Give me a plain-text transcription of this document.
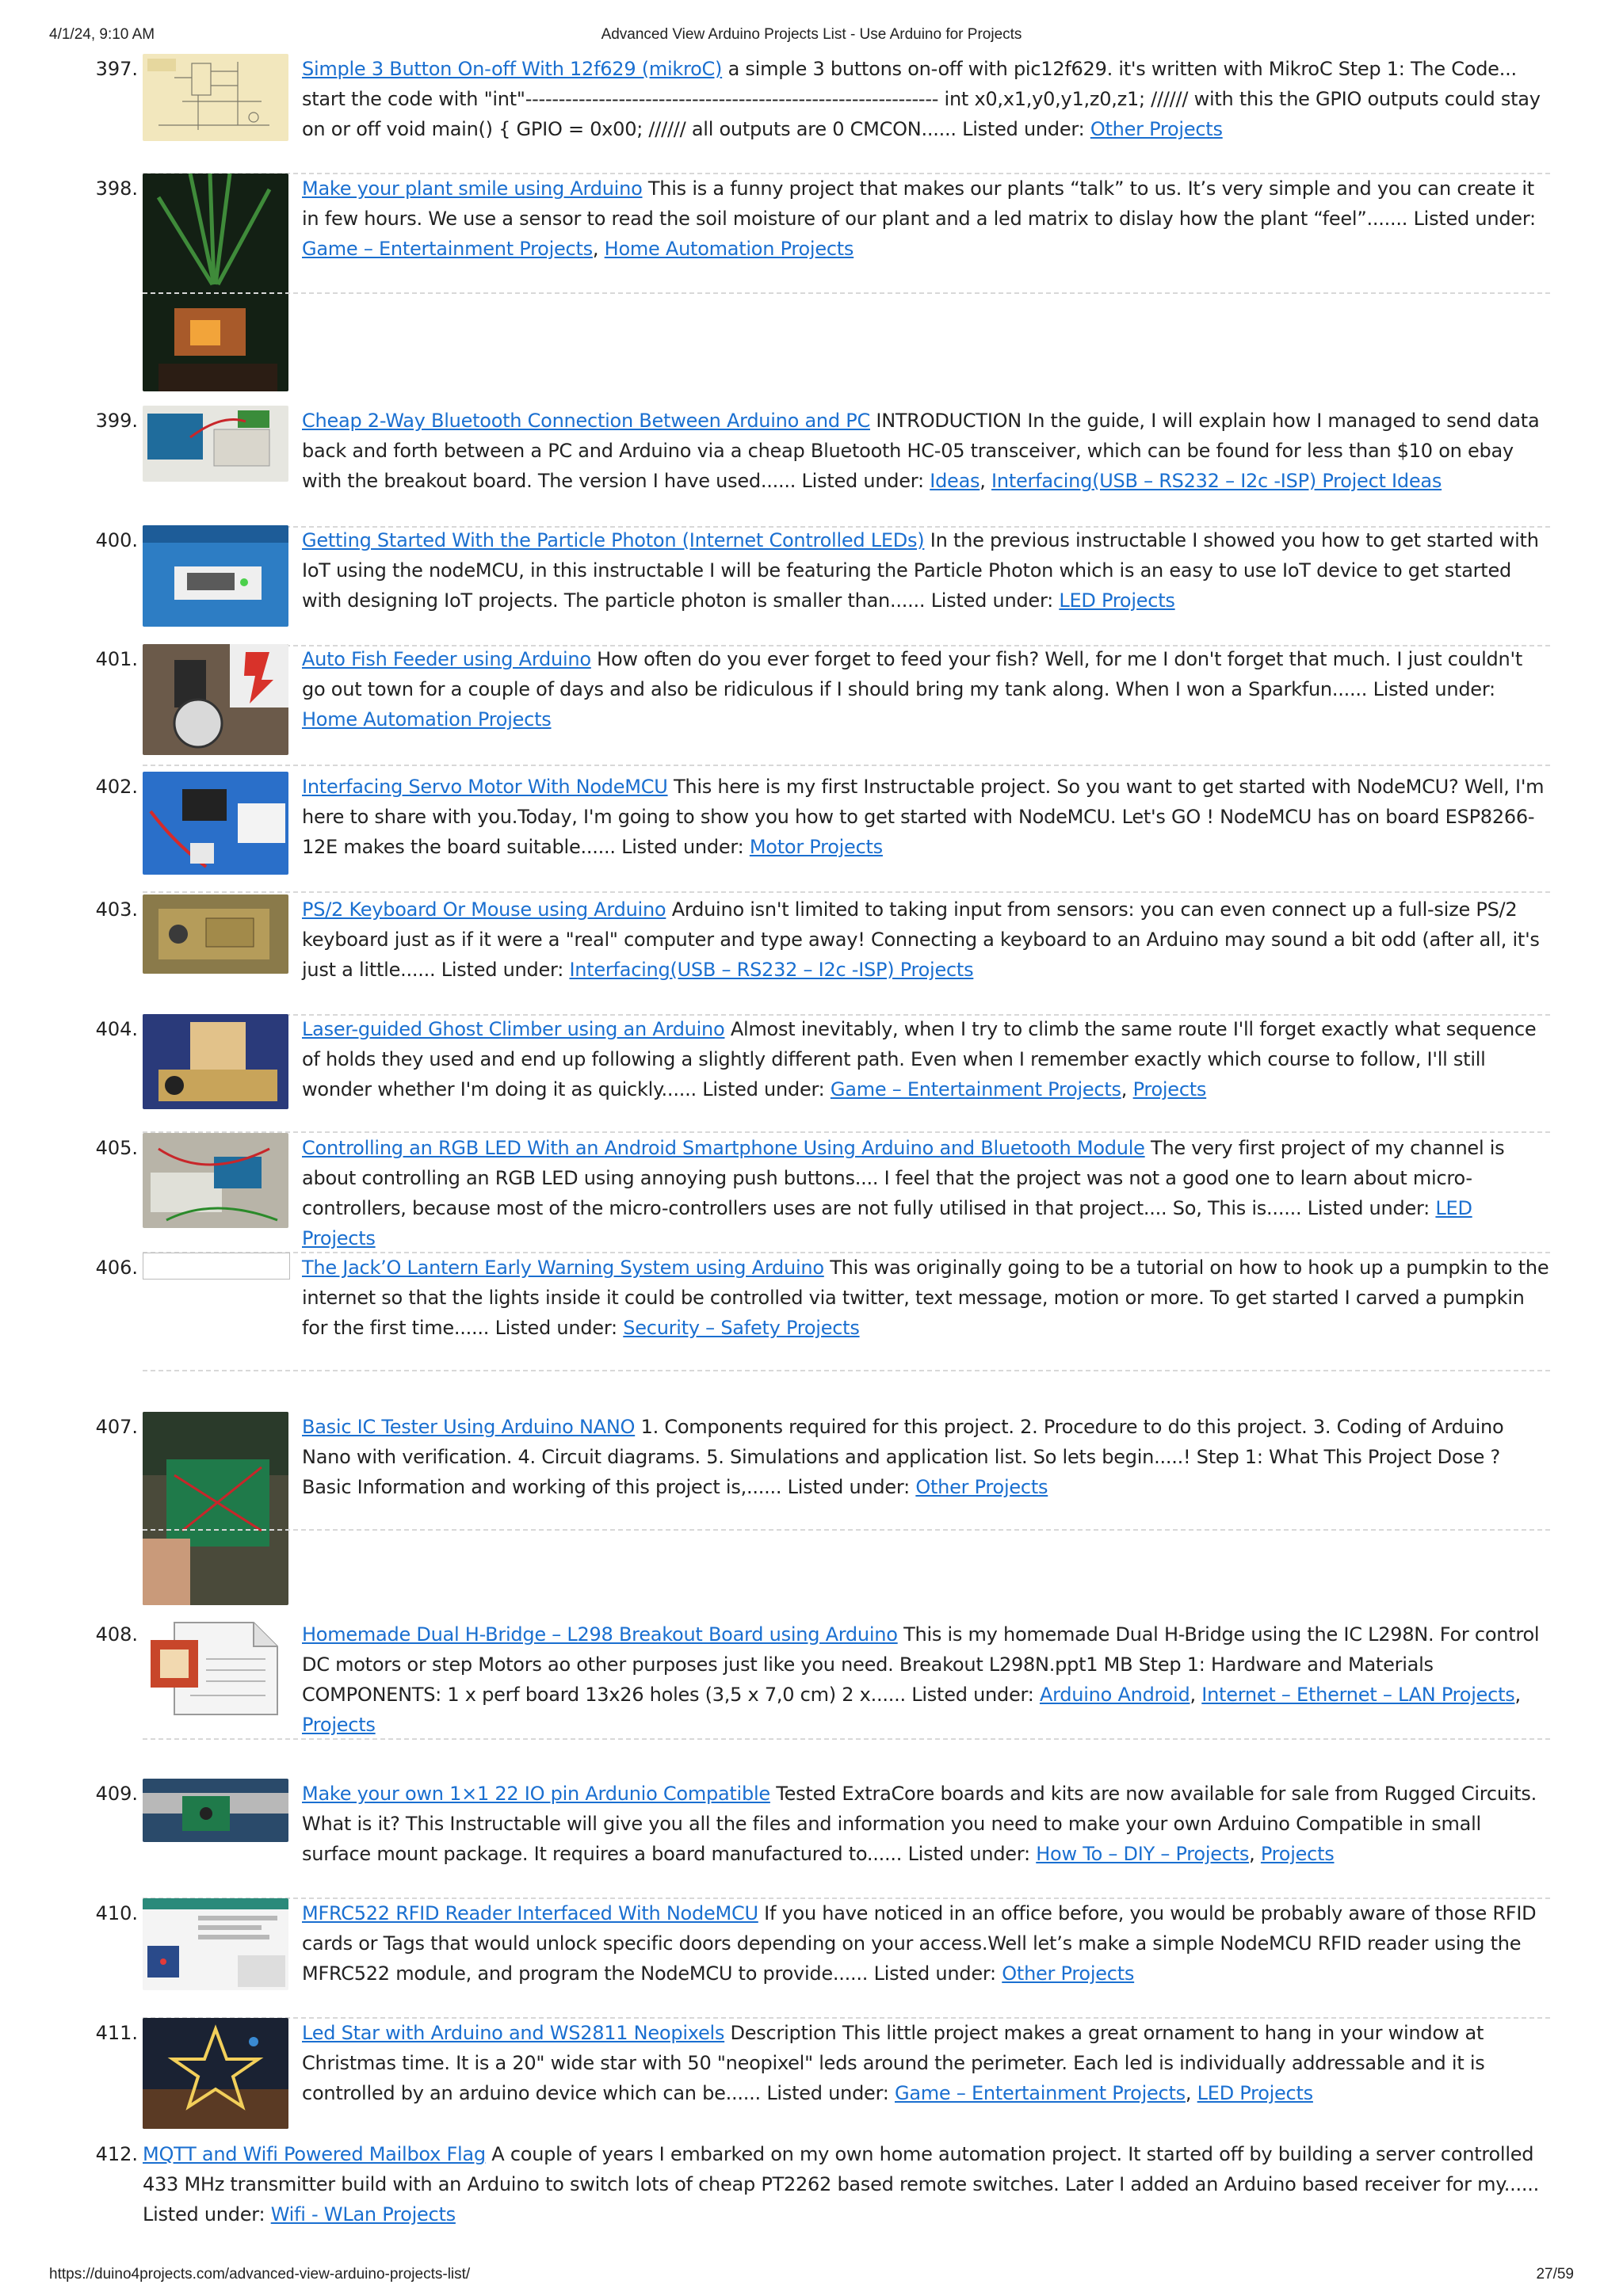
4/1/24, 9:10 AM	Advanced View Arduino Projects List - Use Arduino for Projects
397.	Simple 3 Button On-off With 12f629 (mikroC) a simple 3 buttons on-off with pic12f629. it's written with MikroC Step 1: The Code... start the code with "int"-------------------------------------------------------------- int x0,x1,y0,y1,z0,z1; ////// with this the GPIO outputs could stay on or off void main() { GPIO = 0x00; ////// all outputs are 0 CMCON...... Listed under: Other Projects
398.	Make your plant smile using Arduino This is a funny project that makes our plants “talk” to us. It’s very simple and you can create it in few hours. We use a sensor to read the soil moisture of our plant and a led matrix to dislay how the plant “feel”....... Listed under: Game – Entertainment Projects, Home Automation Projects
399.	Cheap 2-Way Bluetooth Connection Between Arduino and PC INTRODUCTION In the guide, I will explain how I managed to send data back and forth between a PC and Arduino via a cheap Bluetooth HC-05 transceiver, which can be found for less than $10 on ebay with the breakout board. The version I have used...... Listed under: Ideas, Interfacing(USB – RS232 – I2c -ISP) Project Ideas
400.	Getting Started With the Particle Photon (Internet Controlled LEDs) In the previous instructable I showed you how to get started with IoT using the nodeMCU, in this instructable I will be featuring the Particle Photon which is an easy to use IoT device to get started with designing IoT projects. The particle photon is smaller than...... Listed under: LED Projects
401.	Auto Fish Feeder using Arduino How often do you ever forget to feed your fish? Well, for me I don't forget that much. I just couldn't go out town for a couple of days and also be ridiculous if I should bring my tank along. When I won a Sparkfun...... Listed under: Home Automation Projects
402.	Interfacing Servo Motor With NodeMCU This here is my first Instructable project. So you want to get started with NodeMCU? Well, I'm here to share with you.Today, I'm going to show you how to get started with NodeMCU. Let's GO ! NodeMCU has on board ESP8266-12E makes the board suitable...... Listed under: Motor Projects
403.	PS/2 Keyboard Or Mouse using Arduino Arduino isn't limited to taking input from sensors: you can even connect up a full-size PS/2 keyboard just as if it were a "real" computer and type away! Connecting a keyboard to an Arduino may sound a bit odd (after all, it's just a little...... Listed under: Interfacing(USB – RS232 – I2c -ISP) Projects
404.	Laser-guided Ghost Climber using an Arduino Almost inevitably, when I try to climb the same route I'll forget exactly what sequence of holds they used and end up following a slightly different path. Even when I remember exactly which course to follow, I'll still wonder whether I'm doing it as quickly...... Listed under: Game – Entertainment Projects, Projects
405.	Controlling an RGB LED With an Android Smartphone Using Arduino and Bluetooth Module The very first project of my channel is about controlling an RGB LED using annoying push buttons.... I feel that the project was not a good one to learn about micro-controllers, because most of the micro-controllers uses are not fully utilised in that project.... So, This is...... Listed under: LED Projects
406.	The Jack’O Lantern Early Warning System using Arduino This was originally going to be a tutorial on how to hook up a pumpkin to the internet so that the lights inside it could be controlled via twitter, text message, motion or more. To get started I carved a pumpkin for the first time...... Listed under: Security – Safety Projects
407.	Basic IC Tester Using Arduino NANO 1. Components required for this project. 2. Procedure to do this project. 3. Coding of Arduino Nano with verification. 4. Circuit diagrams. 5. Simulations and application list. So lets begin.....! Step 1: What This Project Dose ? Basic Information and working of this project is,...... Listed under: Other Projects
408.	Homemade Dual H-Bridge – L298 Breakout Board using Arduino This is my homemade Dual H-Bridge using the IC L298N. For control DC motors or step Motors ao other purposes just like you need. Breakout L298N.ppt1 MB Step 1: Hardware and Materials COMPONENTS: 1 x perf board 13x26 holes (3,5 x 7,0 cm) 2 x...... Listed under: Arduino Android, Internet – Ethernet – LAN Projects, Projects
409.	Make your own 1×1 22 IO pin Ardunio Compatible Tested ExtraCore boards and kits are now available for sale from Rugged Circuits. What is it? This Instructable will give you all the files and information you need to make your own Arduino Compatible in small surface mount package. It requires a board manufactured to...... Listed under: How To – DIY – Projects, Projects
410.	MFRC522 RFID Reader Interfaced With NodeMCU If you have noticed in an office before, you would be probably aware of those RFID cards or Tags that would unlock specific doors depending on your access.Well let’s make a simple NodeMCU RFID reader using the MFRC522 module, and program the NodeMCU to provide...... Listed under: Other Projects
411.	Led Star with Arduino and WS2811 Neopixels Description This little project makes a great ornament to hang in your window at Christmas time. It is a 20" wide star with 50 "neopixel" leds around the perimeter. Each led is individually addressable and it is controlled by an arduino device which can be...... Listed under: Game – Entertainment Projects, LED Projects
412. MQTT and Wifi Powered Mailbox Flag A couple of years I embarked on my own home automation project. It started off by building a server controlled 433 MHz transmitter build with an Arduino to switch lots of cheap PT2262 based remote switches. Later I added an Arduino based receiver for my...... Listed under: Wifi - WLan Projects
https://duino4projects.com/advanced-view-arduino-projects-list/	27/59
